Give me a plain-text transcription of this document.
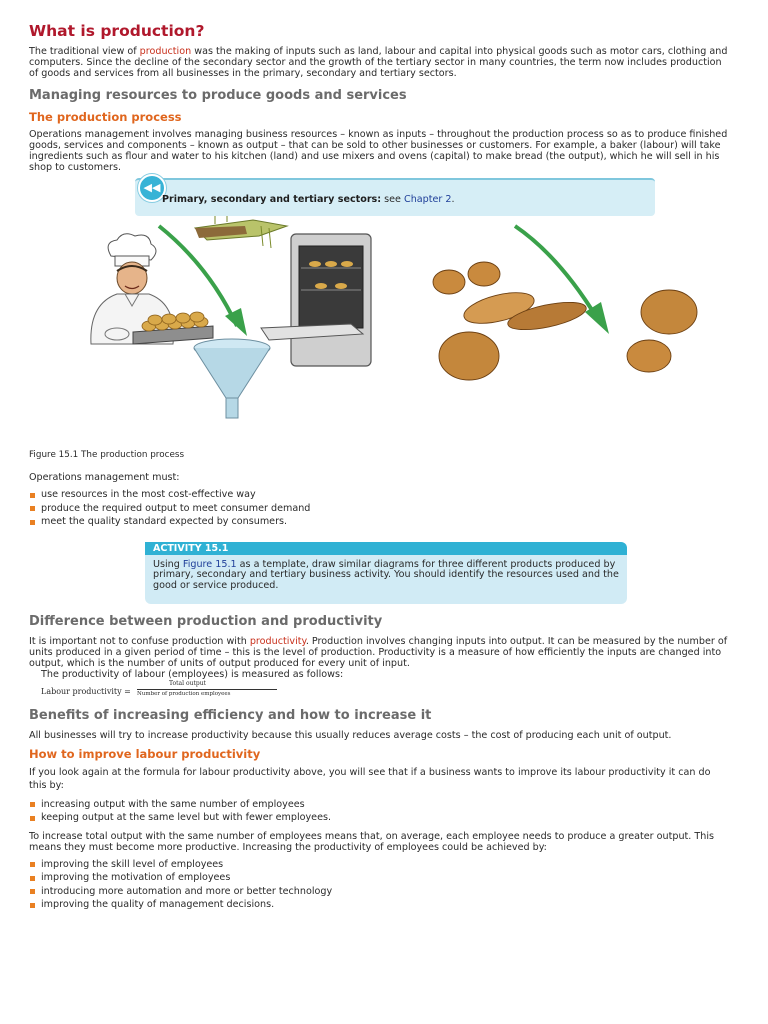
What is production?

The traditional view of production was the making of inputs such as land, labour and capital into physical goods such as motor cars, clothing and computers. Since the decline of the secondary sector and the growth of the tertiary sector in many countries, the term now includes production of goods and services from all businesses in the primary, secondary and tertiary sectors.

Managing resources to produce goods and services
The production process

Operations management involves managing business resources – known as inputs – throughout the production process so as to produce finished goods, services and components – known as output – that can be sold to other businesses or customers. For example, a baker (labour) will take ingredients such as flour and water to his kitchen (land) and use mixers and ovens (capital) to make bread (the output), which he will sell in his shop to customers.

◀◀
Primary, secondary and tertiary sectors: see Chapter 2.
Figure 15.1 The production process

Operations management must:

use resources in the most cost-effective way
produce the required output to meet consumer demand
meet the quality standard expected by consumers.
ACTIVITY 15.1
Using Figure 15.1 as a template, draw similar diagrams for three different products produced by primary, secondary and tertiary business activity. You should identify the resources used and the good or service produced.
Difference between production and productivity

It is important not to confuse production with productivity. Production involves changing inputs into output. It can be measured by the number of units produced in a given period of time – this is the level of production. Productivity is a measure of how efficiently the inputs are changed into output, which is the number of units of output produced for every unit of input.

The productivity of labour (employees) is measured as follows:

Labour productivity =
Total output
Number of production employees
Benefits of increasing efficiency and how to increase it

All businesses will try to increase productivity because this usually reduces average costs – the cost of producing each unit of output.

How to improve labour productivity

If you look again at the formula for labour productivity above, you will see that if a business wants to improve its labour productivity it can do this by:

increasing output with the same number of employees
keeping output at the same level but with fewer employees.

To increase total output with the same number of employees means that, on average, each employee needs to produce a greater output. This means they must become more productive. Increasing the productivity of employees could be achieved by:

improving the skill level of employees
improving the motivation of employees
introducing more automation and more or better technology
improving the quality of management decisions.
